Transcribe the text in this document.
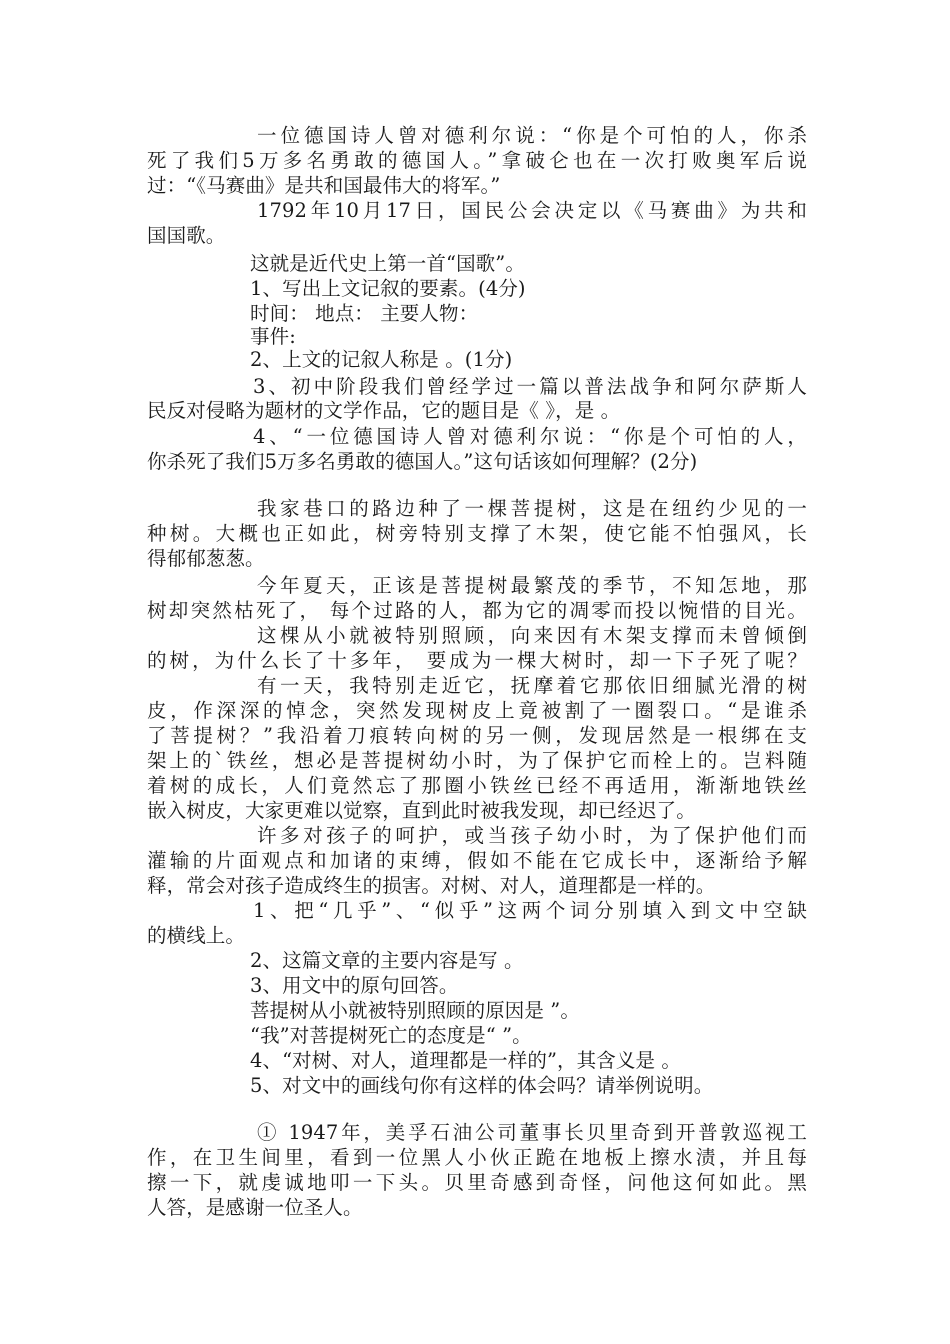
一位德国诗人曾对德利尔说：“你是个可怕的人，你杀
死了我们5万多名勇敢的德国人。”拿破仑也在一次打败奥军后说
过：“《马赛曲》是共和国最伟大的将军。”
1792年10月17日，国民公会决定以《马赛曲》为共和
国国歌。
这就是近代史上第一首“国歌”。
1、写出上文记叙的要素。(4分)
时间： 地点： 主要人物：
事件:
2、上文的记叙人称是 。(1分)
3、初中阶段我们曾经学过一篇以普法战争和阿尔萨斯人
民反对侵略为题材的文学作品，它的题目是《 》，是 。
4、“一位德国诗人曾对德利尔说：“你是个可怕的人，
你杀死了我们5万多名勇敢的德国人。”这句话该如何理解？(2分)
我家巷口的路边种了一棵菩提树，这是在纽约少见的一
种树。大概也正如此，树旁特别支撑了木架，使它能不怕强风，长
得郁郁葱葱。
今年夏天，正该是菩提树最繁茂的季节，不知怎地，那
树却突然枯死了， 每个过路的人，都为它的凋零而投以惋惜的目光。
这棵从小就被特别照顾，向来因有木架支撑而未曾倾倒
的树，为什么长了十多年， 要成为一棵大树时，却一下子死了呢？
有一天，我特别走近它，抚摩着它那依旧细腻光滑的树
皮，作深深的悼念，突然发现树皮上竟被割了一圈裂口。“是谁杀
了菩提树？”我沿着刀痕转向树的另一侧，发现居然是一根绑在支
架上的`铁丝，想必是菩提树幼小时，为了保护它而栓上的。岂料随
着树的成长，人们竟然忘了那圈小铁丝已经不再适用，渐渐地铁丝
嵌入树皮，大家更难以觉察，直到此时被我发现，却已经迟了。
许多对孩子的呵护，或当孩子幼小时，为了保护他们而
灌输的片面观点和加诸的束缚，假如不能在它成长中，逐渐给予解
释，常会对孩子造成终生的损害。对树、对人，道理都是一样的。
1、把“几乎”、“似乎”这两个词分别填入到文中空缺
的横线上。
2、这篇文章的主要内容是写 。
3、用文中的原句回答。
菩提树从小就被特别照顾的原因是 ”。
“我”对菩提树死亡的态度是“ ”。
4、“对树、对人，道理都是一样的”，其含义是 。
5、对文中的画线句你有这样的体会吗？请举例说明。
① 1947年，美孚石油公司董事长贝里奇到开普敦巡视工
作，在卫生间里，看到一位黑人小伙正跪在地板上擦水渍，并且每
擦一下，就虔诚地叩一下头。贝里奇感到奇怪，问他这何如此。黑
人答，是感谢一位圣人。
